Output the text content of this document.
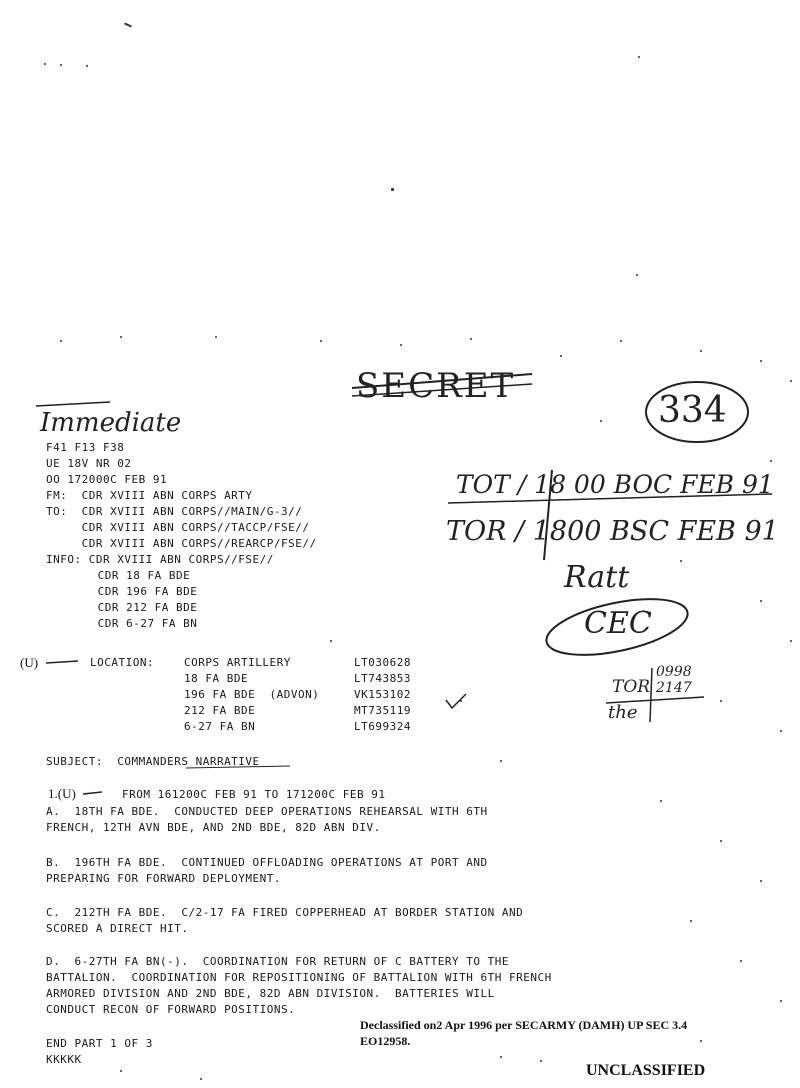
SECRET
Immediate	334
TOT / 18 00 BOC FEB 91
TOR / 1800 BSC FEB 91
Ratt
CEC
TOR
0998 2147
the
F41 F13 F38
UE 18V NR 02
OO 172000C FEB 91
FM:  CDR XVIII ABN CORPS ARTY
TO:  CDR XVIII ABN CORPS//MAIN/G-3//
CDR XVIII ABN CORPS//TACCP/FSE//
CDR XVIII ABN CORPS//REARCP/FSE//
INFO: CDR XVIII ABN CORPS//FSE//
CDR 18 FA BDE
CDR 196 FA BDE
CDR 212 FA BDE
CDR 6-27 FA BN
(U)	LOCATION:	CORPS ARTILLERY	LT030628
18 FA BDE	LT743853
196 FA BDE  (ADVON)	VK153102
212 FA BDE	MT735119
6-27 FA BN	LT699324
SUBJECT:  COMMANDERS NARRATIVE
1.(U)	FROM 161200C FEB 91 TO 171200C FEB 91
A.  18TH FA BDE.  CONDUCTED DEEP OPERATIONS REHEARSAL WITH 6TH
FRENCH, 12TH AVN BDE, AND 2ND BDE, 82D ABN DIV.
B.  196TH FA BDE.  CONTINUED OFFLOADING OPERATIONS AT PORT AND
PREPARING FOR FORWARD DEPLOYMENT.
C.  212TH FA BDE.  C/2-17 FA FIRED COPPERHEAD AT BORDER STATION AND
SCORED A DIRECT HIT.
D.  6-27TH FA BN(-).  COORDINATION FOR RETURN OF C BATTERY TO THE
BATTALION.  COORDINATION FOR REPOSITIONING OF BATTALION WITH 6TH FRENCH
ARMORED DIVISION AND 2ND BDE, 82D ABN DIVISION.  BATTERIES WILL
CONDUCT RECON OF FORWARD POSITIONS.
END PART 1 OF 3
KKKKK
Declassified on2 Apr 1996 per SECARMY (DAMH) UP SEC 3.4
EO12958.
UNCLASSIFIED
